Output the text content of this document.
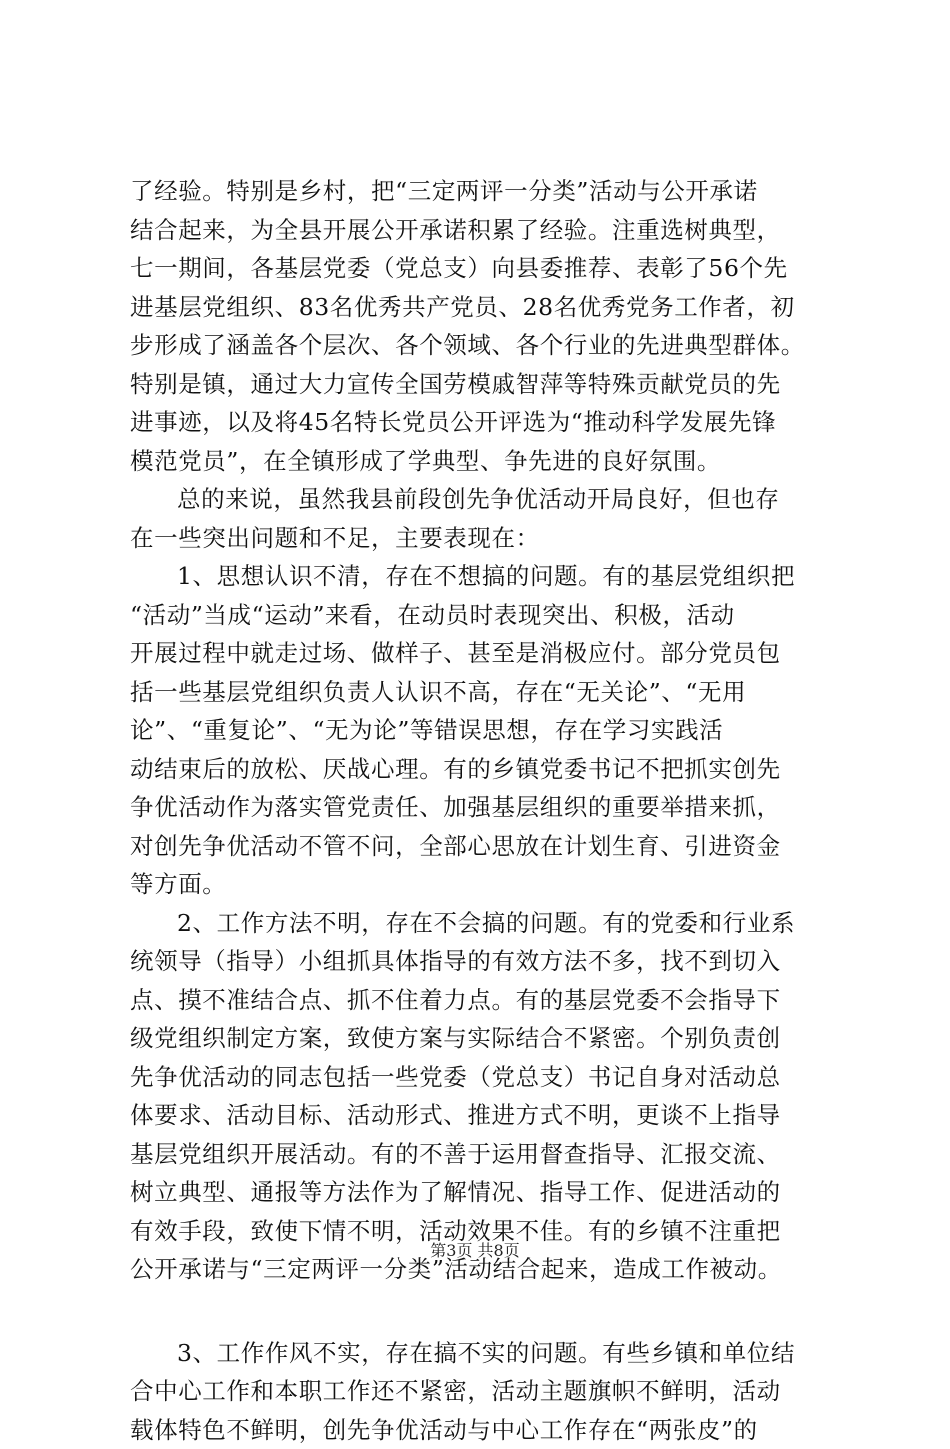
了经验。特别是乡村，把“三定两评一分类”活动与公开承诺
结合起来，为全县开展公开承诺积累了经验。注重选树典型，
七一期间，各基层党委（党总支）向县委推荐、表彰了56个先
进基层党组织、83名优秀共产党员、28名优秀党务工作者，初
步形成了涵盖各个层次、各个领域、各个行业的先进典型群体。
特别是镇，通过大力宣传全国劳模戚智萍等特殊贡献党员的先
进事迹，以及将45名特长党员公开评选为“推动科学发展先锋
模范党员”，在全镇形成了学典型、争先进的良好氛围。
总的来说，虽然我县前段创先争优活动开局良好，但也存
在一些突出问题和不足，主要表现在：
1、思想认识不清，存在不想搞的问题。有的基层党组织把
“活动”当成“运动”来看，在动员时表现突出、积极，活动
开展过程中就走过场、做样子、甚至是消极应付。部分党员包
括一些基层党组织负责人认识不高，存在“无关论”、“无用
论”、“重复论”、“无为论”等错误思想，存在学习实践活
动结束后的放松、厌战心理。有的乡镇党委书记不把抓实创先
争优活动作为落实管党责任、加强基层组织的重要举措来抓，
对创先争优活动不管不问，全部心思放在计划生育、引进资金
等方面。
2、工作方法不明，存在不会搞的问题。有的党委和行业系
统领导（指导）小组抓具体指导的有效方法不多，找不到切入
点、摸不准结合点、抓不住着力点。有的基层党委不会指导下
级党组织制定方案，致使方案与实际结合不紧密。个别负责创
先争优活动的同志包括一些党委（党总支）书记自身对活动总
体要求、活动目标、活动形式、推进方式不明，更谈不上指导
基层党组织开展活动。有的不善于运用督查指导、汇报交流、
树立典型、通报等方法作为了解情况、指导工作、促进活动的
有效手段，致使下情不明，活动效果不佳。有的乡镇不注重把
公开承诺与“三定两评一分类”活动结合起来，造成工作被动。
3、工作作风不实，存在搞不实的问题。有些乡镇和单位结
合中心工作和本职工作还不紧密，活动主题旗帜不鲜明，活动
载体特色不鲜明，创先争优活动与中心工作存在“两张皮”的
第3页 共8页
